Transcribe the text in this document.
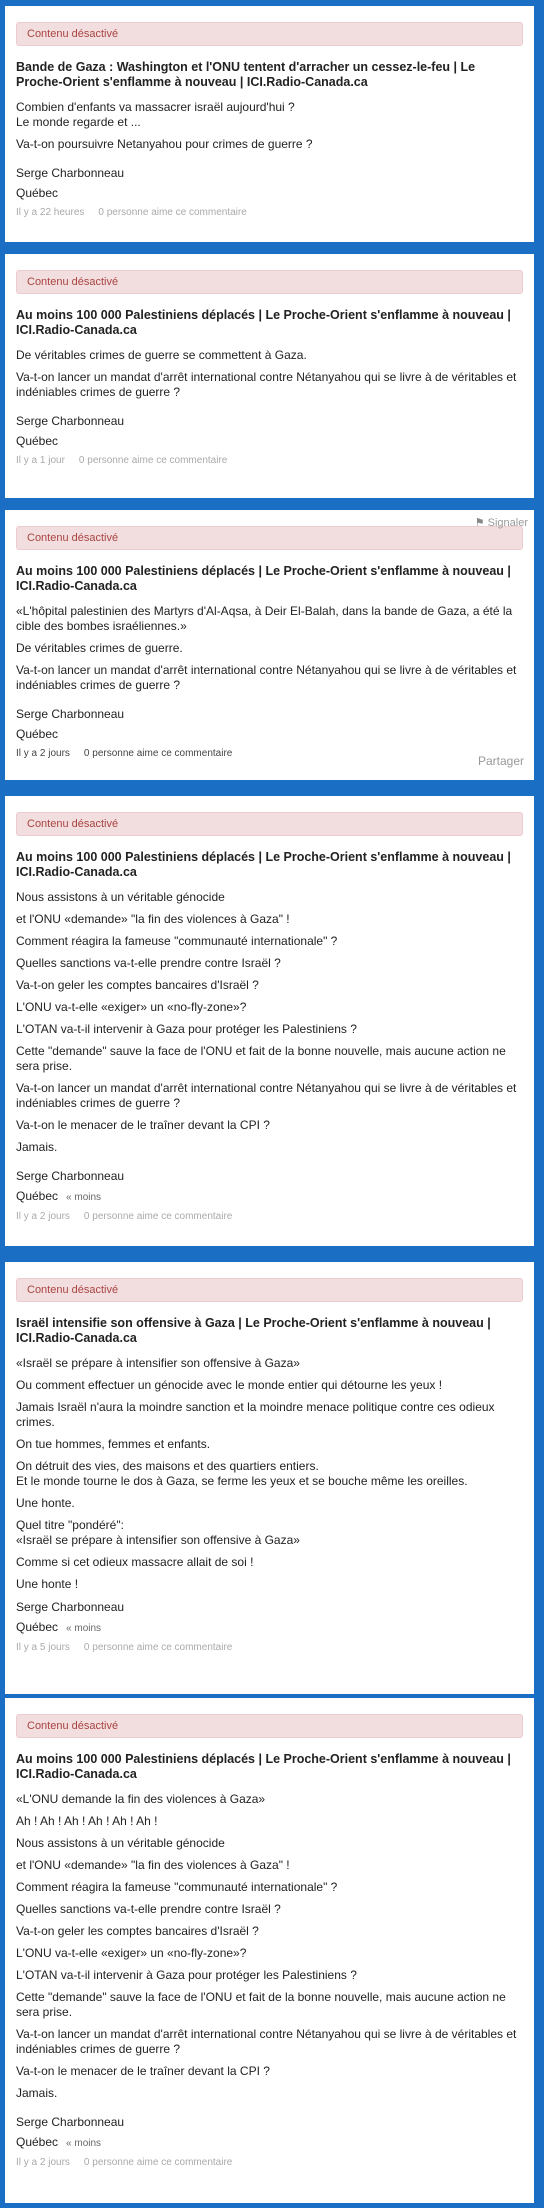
Contenu désactivé
Bande de Gaza : Washington et l'ONU tentent d'arracher un cessez-le-feu | Le Proche-Orient s'enflamme à nouveau | ICI.Radio-Canada.ca

Combien d'enfants va massacrer israël aujourd'hui ?

Le monde regarde et ...

Va-t-on poursuivre Netanyahou pour crimes de guerre ?

Serge Charbonneau

Québec

Il y a 22 heures 0 personne aime ce commentaire
Contenu désactivé
Au moins 100 000 Palestiniens déplacés | Le Proche-Orient s'enflamme à nouveau | ICI.Radio-Canada.ca

De véritables crimes de guerre se commettent à Gaza.

Va-t-on lancer un mandat d'arrêt international contre Nétanyahou qui se livre à de véritables et indéniables crimes de guerre ?

Serge Charbonneau

Québec

Il y a 1 jour 0 personne aime ce commentaire
⚑ Signaler
Contenu désactivé
Au moins 100 000 Palestiniens déplacés | Le Proche-Orient s'enflamme à nouveau | ICI.Radio-Canada.ca

«L'hôpital palestinien des Martyrs d'Al-Aqsa, à Deir El-Balah, dans la bande de Gaza, a été la cible des bombes israéliennes.»

De véritables crimes de guerre.

Va-t-on lancer un mandat d'arrêt international contre Nétanyahou qui se livre à de véritables et indéniables crimes de guerre ?

Serge Charbonneau

Québec

Il y a 2 jours 0 personne aime ce commentaire
Partager
Contenu désactivé
Au moins 100 000 Palestiniens déplacés | Le Proche-Orient s'enflamme à nouveau | ICI.Radio-Canada.ca

Nous assistons à un véritable génocide

et l'ONU «demande» "la fin des violences à Gaza" !

Comment réagira la fameuse "communauté internationale" ?

Quelles sanctions va-t-elle prendre contre Israël ?

Va-t-on geler les comptes bancaires d'Israël ?

L'ONU va-t-elle «exiger» un «no-fly-zone»?

L'OTAN va-t-il intervenir à Gaza pour protéger les Palestiniens ?

Cette "demande" sauve la face de l'ONU et fait de la bonne nouvelle, mais aucune action ne sera prise.

Va-t-on lancer un mandat d'arrêt international contre Nétanyahou qui se livre à de véritables et indéniables crimes de guerre ?

Va-t-on le menacer de le traîner devant la CPI ?

Jamais.

Serge Charbonneau

Québec « moins

Il y a 2 jours 0 personne aime ce commentaire
Contenu désactivé
Israël intensifie son offensive à Gaza | Le Proche-Orient s'enflamme à nouveau | ICI.Radio-Canada.ca

«Israël se prépare à intensifier son offensive à Gaza»

Ou comment effectuer un génocide avec le monde entier qui détourne les yeux !

Jamais Israël n'aura la moindre sanction et la moindre menace politique contre ces odieux crimes.

On tue hommes, femmes et enfants.

On détruit des vies, des maisons et des quartiers entiers.

Et le monde tourne le dos à Gaza, se ferme les yeux et se bouche même les oreilles.

Une honte.

Quel titre "pondéré":

«Israël se prépare à intensifier son offensive à Gaza»

Comme si cet odieux massacre allait de soi !

Une honte !

Serge Charbonneau

Québec « moins

Il y a 5 jours 0 personne aime ce commentaire
Contenu désactivé
Au moins 100 000 Palestiniens déplacés | Le Proche-Orient s'enflamme à nouveau | ICI.Radio-Canada.ca

«L'ONU demande la fin des violences à Gaza»

Ah ! Ah ! Ah ! Ah ! Ah ! Ah !

Nous assistons à un véritable génocide

et l'ONU «demande» "la fin des violences à Gaza" !

Comment réagira la fameuse "communauté internationale" ?

Quelles sanctions va-t-elle prendre contre Israël ?

Va-t-on geler les comptes bancaires d'Israël ?

L'ONU va-t-elle «exiger» un «no-fly-zone»?

L'OTAN va-t-il intervenir à Gaza pour protéger les Palestiniens ?

Cette "demande" sauve la face de l'ONU et fait de la bonne nouvelle, mais aucune action ne sera prise.

Va-t-on lancer un mandat d'arrêt international contre Nétanyahou qui se livre à de véritables et indéniables crimes de guerre ?

Va-t-on le menacer de le traîner devant la CPI ?

Jamais.

Serge Charbonneau

Québec « moins

Il y a 2 jours 0 personne aime ce commentaire
